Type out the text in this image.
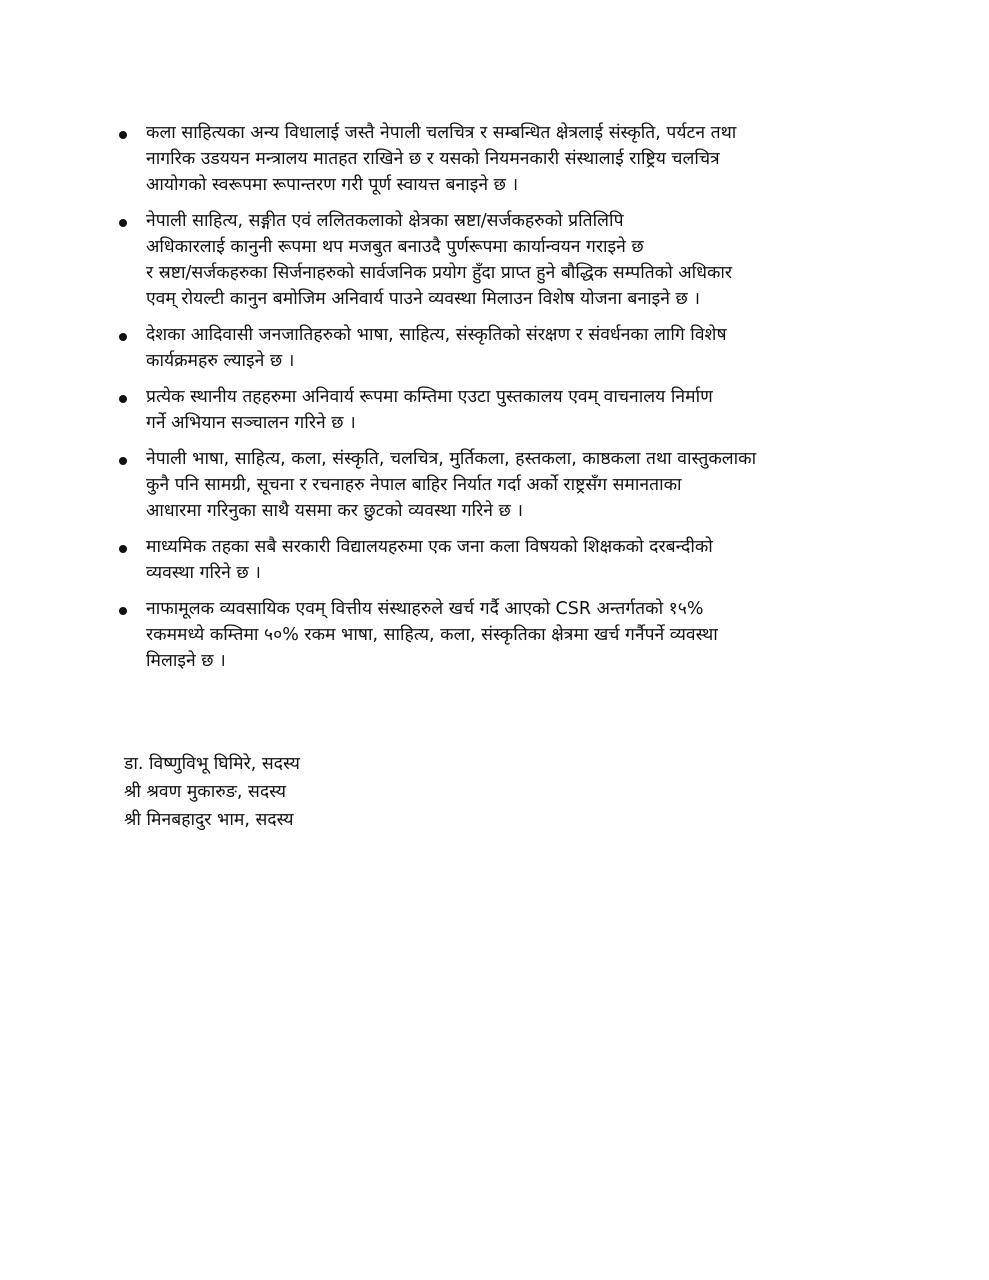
कला साहित्यका अन्य विधालाई जस्तै नेपाली चलचित्र र सम्बन्धित क्षेत्रलाई संस्कृति, पर्यटन तथा
नागरिक उडययन मन्त्रालय मातहत राखिने छ र यसको नियमनकारी संस्थालाई राष्ट्रिय चलचित्र
आयोगको स्वरूपमा रूपान्तरण गरी पूर्ण स्वायत्त बनाइने छ ।
नेपाली साहित्य, सङ्गीत एवं ललितकलाको क्षेत्रका स्रष्टा/सर्जकहरुको प्रतिलिपि
अधिकारलाई कानुनी रूपमा थप मजबुत बनाउदै पुर्णरूपमा कार्यान्वयन गराइने छ
र स्रष्टा/सर्जकहरुका सिर्जनाहरुको सार्वजनिक प्रयोग हुँदा प्राप्त हुने बौद्धिक सम्पतिको अधिकार
एवम् रोयल्टी कानुन बमोजिम अनिवार्य पाउने व्यवस्था मिलाउन विशेष योजना बनाइने छ ।
देशका आदिवासी जनजातिहरुको भाषा, साहित्य, संस्कृतिको संरक्षण र संवर्धनका लागि विशेष
कार्यक्रमहरु ल्याइने छ ।
प्रत्येक स्थानीय तहहरुमा अनिवार्य रूपमा कम्तिमा एउटा पुस्तकालय एवम् वाचनालय निर्माण
गर्ने अभियान सञ्चालन गरिने छ ।
नेपाली भाषा, साहित्य, कला, संस्कृति, चलचित्र, मुर्तिकला, हस्तकला, काष्ठकला तथा वास्तुकलाका
कुनै पनि सामग्री, सूचना र रचनाहरु नेपाल बाहिर निर्यात गर्दा अर्को राष्ट्रसँग समानताका
आधारमा गरिनुका साथै यसमा कर छुटको व्यवस्था गरिने छ ।
माध्यमिक तहका सबै सरकारी विद्यालयहरुमा एक जना कला विषयको शिक्षकको दरबन्दीको
व्यवस्था गरिने छ ।
नाफामूलक व्यवसायिक एवम् वित्तीय संस्थाहरुले खर्च गर्दै आएको CSR अन्तर्गतको १५%
रकममध्ये कम्तिमा ५०% रकम भाषा, साहित्य, कला, संस्कृतिका क्षेत्रमा खर्च गर्नैपर्ने व्यवस्था
मिलाइने छ ।
डा. विष्णुविभू घिमिरे, सदस्य
श्री श्रवण मुकारुङ, सदस्य
श्री मिनबहादुर भाम, सदस्य
